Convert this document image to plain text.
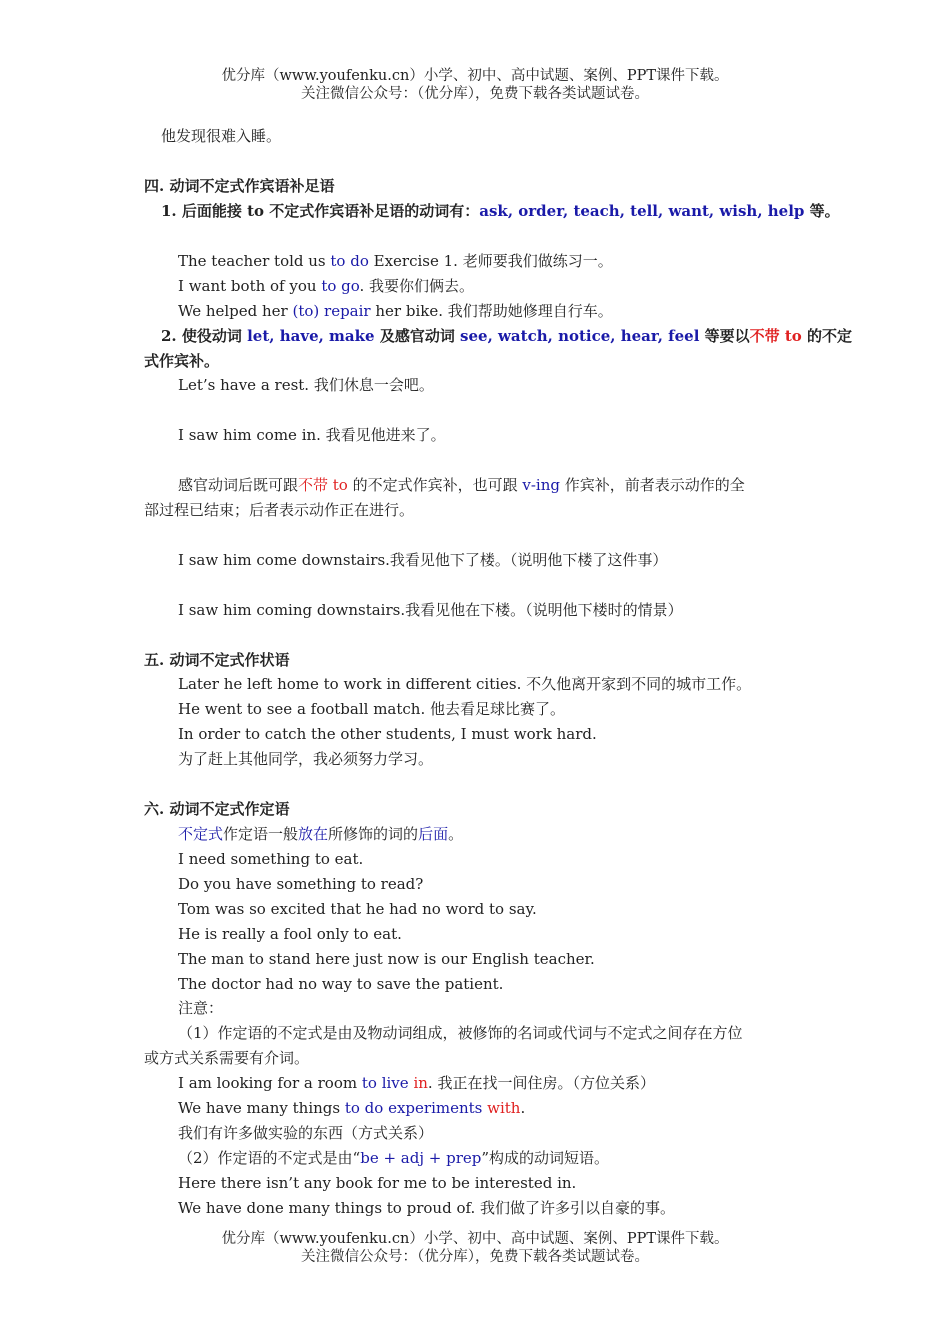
优分库（www.youfenku.cn）小学、初中、高中试题、案例、PPT课件下载。
关注微信公众号：（优分库），免费下载各类试题试卷。
他发现很难入睡。
四. 动词不定式作宾语补足语
1. 后面能接 to 不定式作宾语补足语的动词有：ask, order, teach, tell, want, wish, help 等。
The teacher told us to do Exercise 1. 老师要我们做练习一。
I want both of you to go. 我要你们俩去。
We helped her (to) repair her bike. 我们帮助她修理自行车。
2. 使役动词 let, have, make 及感官动词 see, watch, notice, hear, feel 等要以不带 to 的不定
式作宾补。
Let’s have a rest. 我们休息一会吧。
I saw him come in. 我看见他进来了。
感官动词后既可跟不带 to 的不定式作宾补，也可跟 v-ing 作宾补，前者表示动作的全
部过程已结束；后者表示动作正在进行。
I saw him come downstairs.我看见他下了楼。（说明他下楼了这件事）
I saw him coming downstairs.我看见他在下楼。（说明他下楼时的情景）
五. 动词不定式作状语
Later he left home to work in different cities. 不久他离开家到不同的城市工作。
He went to see a football match. 他去看足球比赛了。
In order to catch the other students, I must work hard.
为了赶上其他同学，我必须努力学习。
六. 动词不定式作定语
不定式作定语一般放在所修饰的词的后面。
I need something to eat.
Do you have something to read?
Tom was so excited that he had no word to say.
He is really a fool only to eat.
The man to stand here just now is our English teacher.
The doctor had no way to save the patient.
注意：
（1）作定语的不定式是由及物动词组成，被修饰的名词或代词与不定式之间存在方位
或方式关系需要有介词。
I am looking for a room to live in. 我正在找一间住房。（方位关系）
We have many things to do experiments with.
我们有许多做实验的东西（方式关系）
（2）作定语的不定式是由“be + adj + prep”构成的动词短语。
Here there isn’t any book for me to be interested in.
We have done many things to proud of. 我们做了许多引以自豪的事。
优分库（www.youfenku.cn）小学、初中、高中试题、案例、PPT课件下载。
关注微信公众号：（优分库），免费下载各类试题试卷。
